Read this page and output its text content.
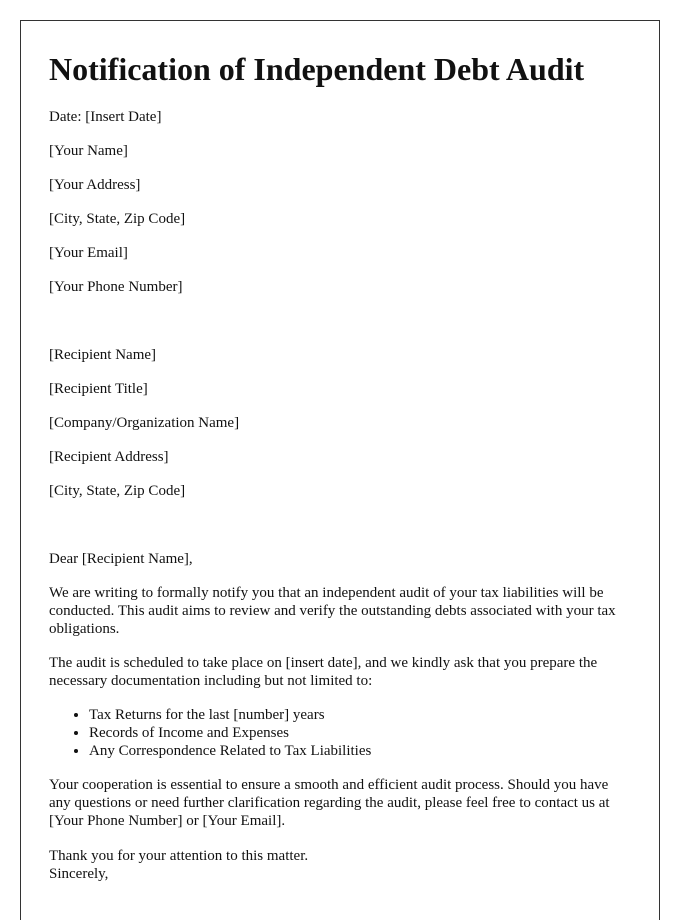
Notification of Independent Debt Audit
Date: [Insert Date]
[Your Name]
[Your Address]
[City, State, Zip Code]
[Your Email]
[Your Phone Number]
[Recipient Name]
[Recipient Title]
[Company/Organization Name]
[Recipient Address]
[City, State, Zip Code]
Dear [Recipient Name],

We are writing to formally notify you that an independent audit of your tax liabilities will be conducted. This audit aims to review and verify the outstanding debts associated with your tax obligations.

The audit is scheduled to take place on [insert date], and we kindly ask that you prepare the necessary documentation including but not limited to:

• Tax Returns for the last [number] years
• Records of Income and Expenses
• Any Correspondence Related to Tax Liabilities

Your cooperation is essential to ensure a smooth and efficient audit process. Should you have any questions or need further clarification regarding the audit, please feel free to contact us at [Your Phone Number] or [Your Email].

Thank you for your attention to this matter.

Sincerely,
